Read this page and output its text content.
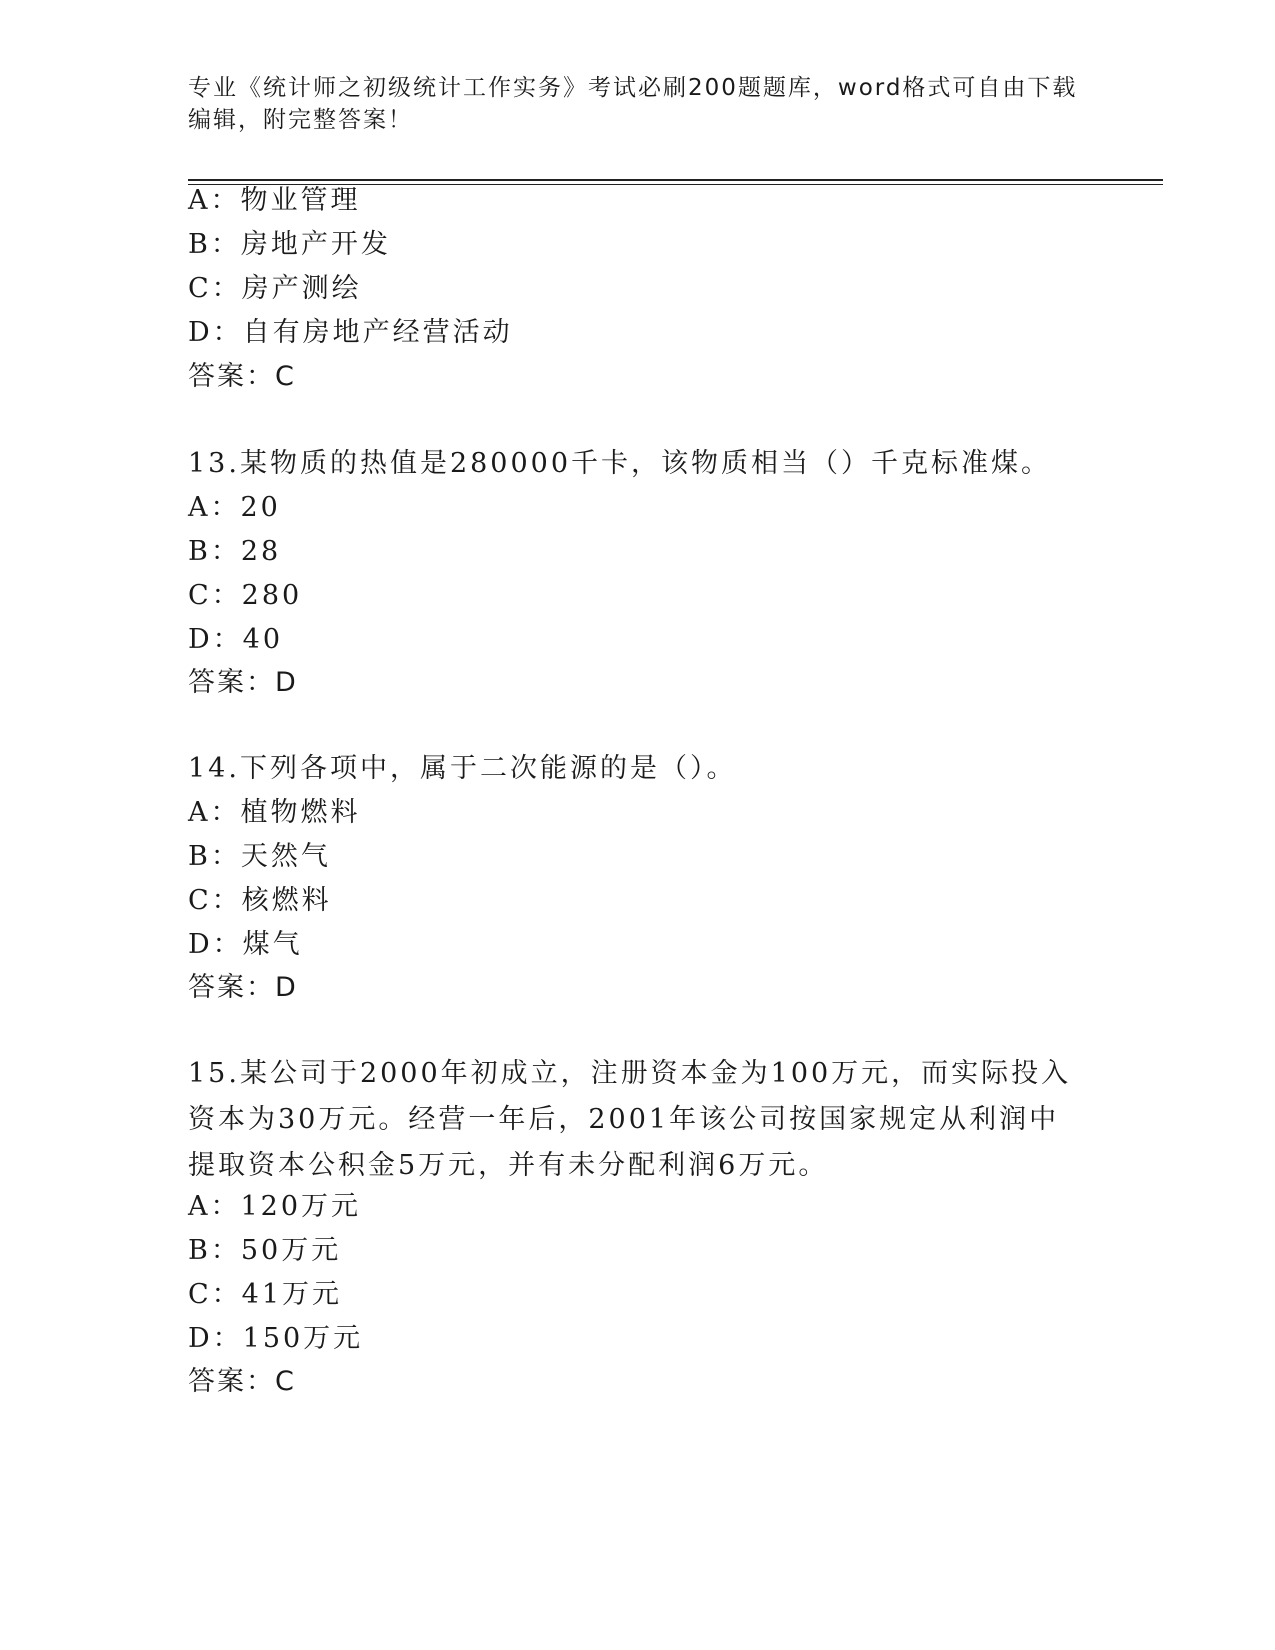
专业《统计师之初级统计工作实务》考试必刷200题题库，word格式可自由下载编辑，附完整答案！
A：物业管理
B：房地产开发
C：房产测绘
D：自有房地产经营活动
答案：C
13.某物质的热值是280000千卡，该物质相当（）千克标准煤。
A：20
B：28
C：280
D：40
答案：D
14.下列各项中，属于二次能源的是（）。
A：植物燃料
B：天然气
C：核燃料
D：煤气
答案：D
15.某公司于2000年初成立，注册资本金为100万元，而实际投入资本为30万元。经营一年后，2001年该公司按国家规定从利润中提取资本公积金5万元，并有未分配利润6万元。
A：120万元
B：50万元
C：41万元
D：150万元
答案：C
